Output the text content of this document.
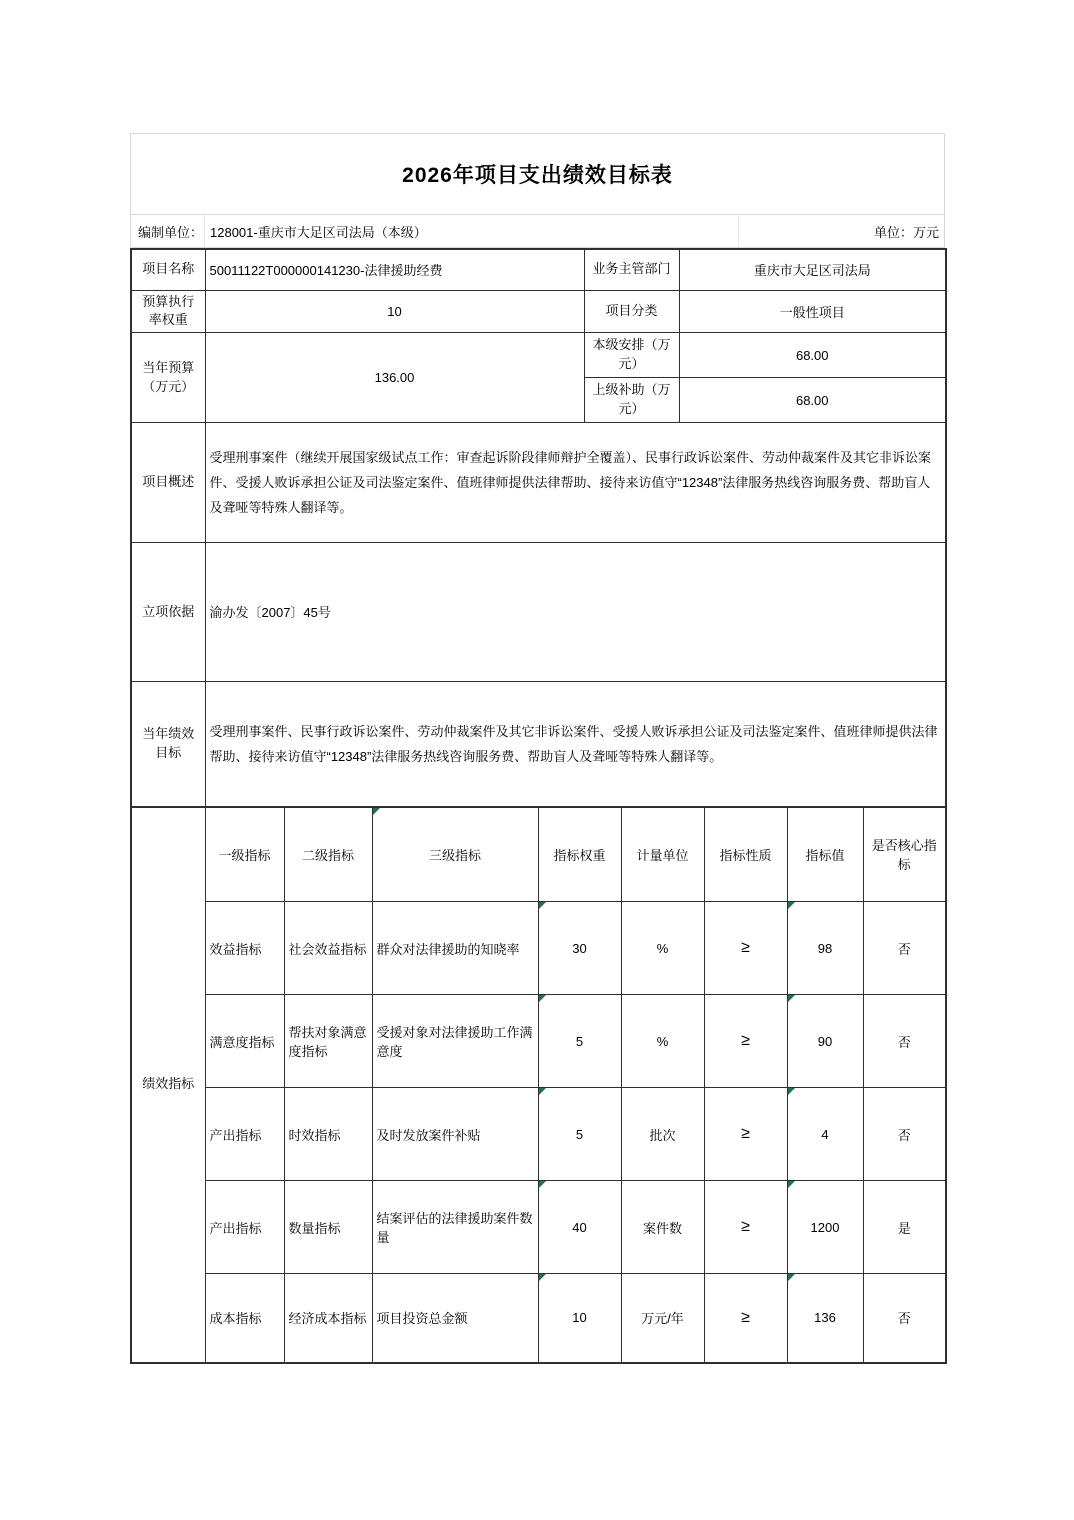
2026年项目支出绩效目标表
编制单位： 128001-重庆市大足区司法局（本级）	单位：万元
项目名称	50011122T000000141230-法律援助经费	业务主管部门	重庆市大足区司法局
预算执行率权重	10	项目分类	一般性项目
当年预算（万元）	136.00	本级安排（万元）	68.00
		上级补助（万元）	68.00
项目概述	受理刑事案件（继续开展国家级试点工作：审查起诉阶段律师辩护全覆盖）、民事行政诉讼案件、劳动仲裁案件及其它非诉讼案件、受援人败诉承担公证及司法鉴定案件、值班律师提供法律帮助、接待来访值守“12348”法律服务热线咨询服务费、帮助盲人及聋哑等特殊人翻译等。		
立项依据	渝办发〔2007〕45号		
当年绩效目标	受理刑事案件、民事行政诉讼案件、劳动仲裁案件及其它非诉讼案件、受援人败诉承担公证及司法鉴定案件、值班律师提供法律帮助、接待来访值守“12348”法律服务热线咨询服务费、帮助盲人及聋哑等特殊人翻译等。		
绩效指标	一级指标	二级指标	三级指标	指标权重	计量单位	指标性质	指标值	是否核心指标
	效益指标	社会效益指标	群众对法律援助的知晓率	30	%	≥	98	否
	满意度指标	帮扶对象满意度指标	受援对象对法律援助工作满意度	5	%	≥	90	否
	产出指标	时效指标	及时发放案件补贴	5	批次	≥	4	否
	产出指标	数量指标	结案评估的法律援助案件数量	40	案件数	≥	1200	是
	成本指标	经济成本指标	项目投资总金额	10	万元/年	≥	136	否
